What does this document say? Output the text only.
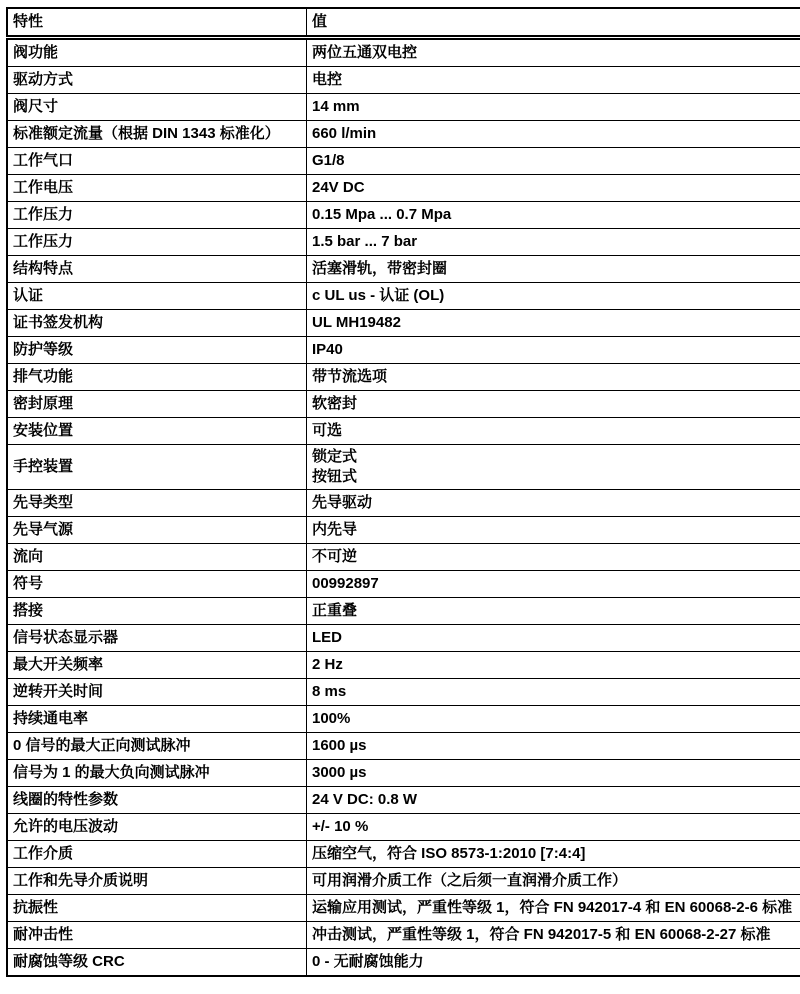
特性	值
阀功能	两位五通双电控

驱动方式	电控

阀尺寸	14 mm

标准额定流量（根据 DIN 1343 标准化）	660 l/min

工作气口	G1/8

工作电压	24V DC

工作压力	0.15 Mpa ... 0.7 Mpa

工作压力	1.5 bar ... 7 bar

结构特点	活塞滑轨，带密封圈

认证	c UL us - 认证 (OL)

证书签发机构	UL MH19482

防护等级	IP40

排气功能	带节流选项

密封原理	软密封

安装位置	可选

手控装置	锁定式
按钮式

先导类型	先导驱动

先导气源	内先导

流向	不可逆

符号	00992897

搭接	正重叠

信号状态显示器	LED

最大开关频率	2 Hz

逆转开关时间	8 ms

持续通电率	100%

0 信号的最大正向测试脉冲	1600 µs

信号为 1 的最大负向测试脉冲	3000 µs

线圈的特性参数	24 V DC: 0.8 W

允许的电压波动	+/- 10 %

工作介质	压缩空气，符合 ISO 8573-1:2010 [7:4:4]

工作和先导介质说明	可用润滑介质工作（之后须一直润滑介质工作）

抗振性	运输应用测试，严重性等级 1，符合 FN 942017-4 和 EN 60068-2-6 标准

耐冲击性	冲击测试，严重性等级 1，符合 FN 942017-5 和 EN 60068-2-27 标准

耐腐蚀等级 CRC	0 - 无耐腐蚀能力
